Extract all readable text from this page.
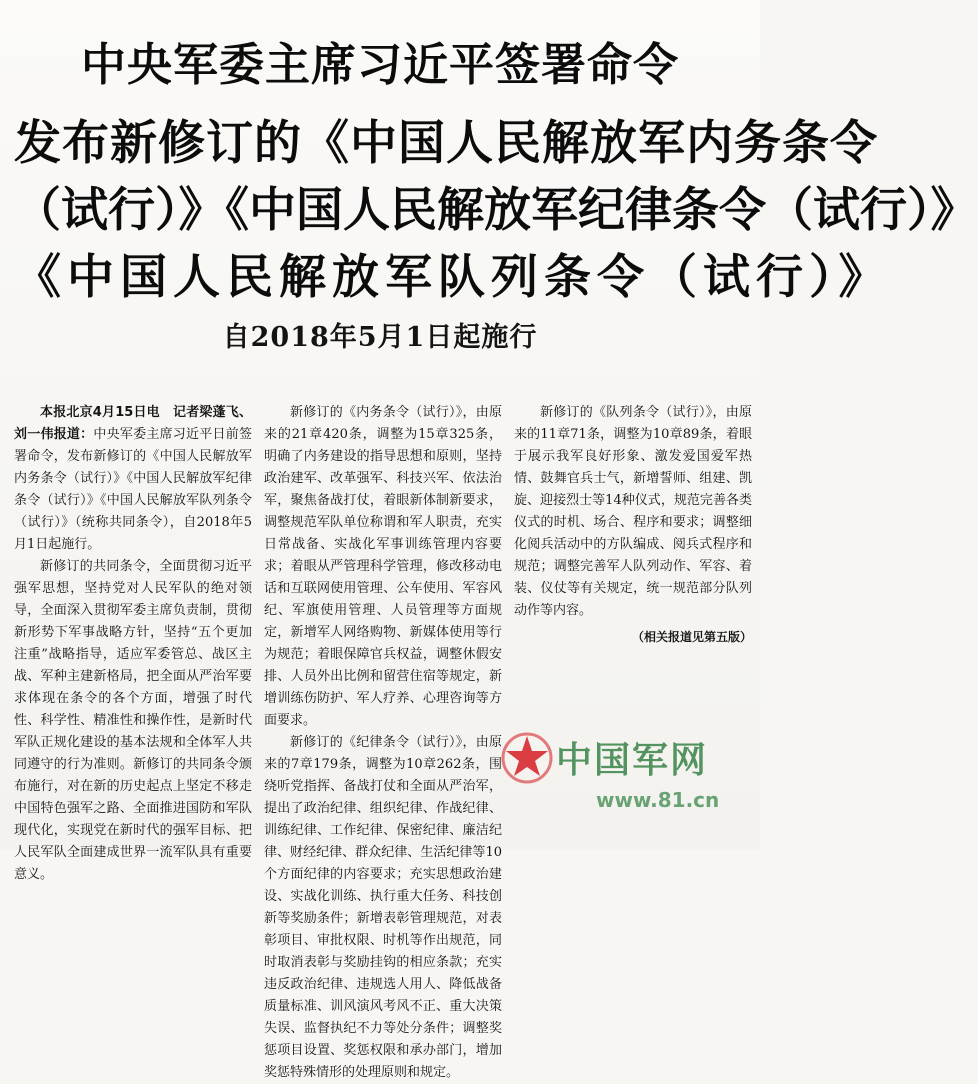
中央军委主席习近平签署命令
发布新修订的《中国人民解放军内务条令
（试行）》《中国人民解放军纪律条令（试行）》
《中国人民解放军队列条令（试行）》
自2018年5月1日起施行

本报北京4月15日电　记者梁蓬飞、刘一伟报道：中央军委主席习近平日前签署命令，发布新修订的《中国人民解放军内务条令（试行）》《中国人民解放军纪律条令（试行）》《中国人民解放军队列条令（试行）》（统称共同条令），自2018年5月1日起施行。

新修订的共同条令，全面贯彻习近平强军思想，坚持党对人民军队的绝对领导，全面深入贯彻军委主席负责制，贯彻新形势下军事战略方针，坚持“五个更加注重”战略指导，适应军委管总、战区主战、军种主建新格局，把全面从严治军要求体现在条令的各个方面，增强了时代性、科学性、精准性和操作性，是新时代军队正规化建设的基本法规和全体军人共同遵守的行为准则。新修订的共同条令颁布施行，对在新的历史起点上坚定不移走中国特色强军之路、全面推进国防和军队现代化，实现党在新时代的强军目标、把人民军队全面建成世界一流军队具有重要意义。

新修订的《内务条令（试行）》，由原来的21章420条，调整为15章325条，明确了内务建设的指导思想和原则，坚持政治建军、改革强军、科技兴军、依法治军，聚焦备战打仗，着眼新体制新要求，调整规范军队单位称谓和军人职责，充实日常战备、实战化军事训练管理内容要求；着眼从严管理科学管理，修改移动电话和互联网使用管理、公车使用、军容风纪、军旗使用管理、人员管理等方面规定，新增军人网络购物、新媒体使用等行为规范；着眼保障官兵权益，调整休假安排、人员外出比例和留营住宿等规定，新增训练伤防护、军人疗养、心理咨询等方面要求。

新修订的《纪律条令（试行）》，由原来的7章179条，调整为10章262条，围绕听党指挥、备战打仗和全面从严治军，提出了政治纪律、组织纪律、作战纪律、训练纪律、工作纪律、保密纪律、廉洁纪律、财经纪律、群众纪律、生活纪律等10个方面纪律的内容要求；充实思想政治建设、实战化训练、执行重大任务、科技创新等奖励条件；新增表彰管理规范，对表彰项目、审批权限、时机等作出规范，同时取消表彰与奖励挂钩的相应条款；充实违反政治纪律、违规选人用人、降低战备质量标准、训风演风考风不正、重大决策失误、监督执纪不力等处分条件；调整奖惩项目设置、奖惩权限和承办部门，增加奖惩特殊情形的处理原则和规定。

新修订的《队列条令（试行）》，由原来的11章71条，调整为10章89条，着眼于展示我军良好形象、激发爱国爱军热情、鼓舞官兵士气，新增誓师、组建、凯旋、迎接烈士等14种仪式，规范完善各类仪式的时机、场合、程序和要求；调整细化阅兵活动中的方队编成、阅兵式程序和规范；调整完善军人队列动作、军容、着装、仪仗等有关规定，统一规范部分队列动作等内容。

（相关报道见第五版）

中国军网
www.81.cn
